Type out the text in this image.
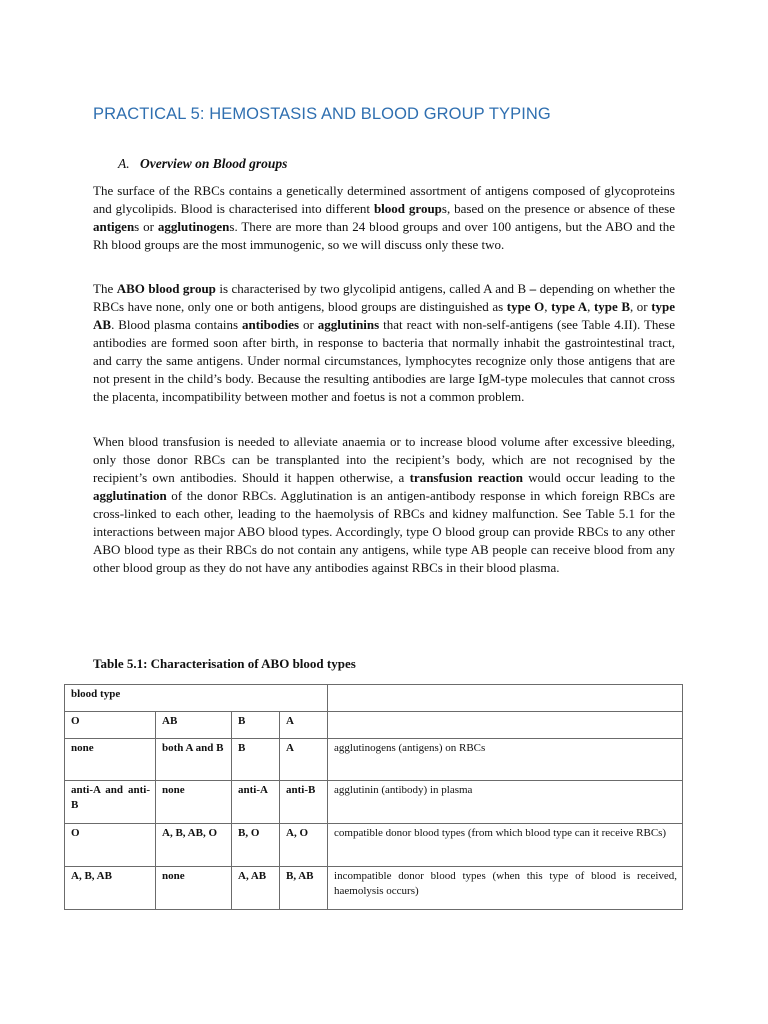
PRACTICAL 5: HEMOSTASIS AND BLOOD GROUP TYPING
A. Overview on Blood groups

The surface of the RBCs contains a genetically determined assortment of antigens composed of glycoproteins and glycolipids. Blood is characterised into different blood groups, based on the presence or absence of these antigens or agglutinogens. There are more than 24 blood groups and over 100 antigens, but the ABO and the Rh blood groups are the most immunogenic, so we will discuss only these two.

The ABO blood group is characterised by two glycolipid antigens, called A and B – depending on whether the RBCs have none, only one or both antigens, blood groups are distinguished as type O, type A, type B, or type AB. Blood plasma contains antibodies or agglutinins that react with non-self-antigens (see Table 4.II). These antibodies are formed soon after birth, in response to bacteria that normally inhabit the gastrointestinal tract, and carry the same antigens. Under normal circumstances, lymphocytes recognize only those antigens that are not present in the child’s body. Because the resulting antibodies are large IgM-type molecules that cannot cross the placenta, incompatibility between mother and foetus is not a common problem.

When blood transfusion is needed to alleviate anaemia or to increase blood volume after excessive bleeding, only those donor RBCs can be transplanted into the recipient’s body, which are not recognised by the recipient’s own antibodies. Should it happen otherwise, a transfusion reaction would occur leading to the agglutination of the donor RBCs. Agglutination is an antigen-antibody response in which foreign RBCs are cross-linked to each other, leading to the haemolysis of RBCs and kidney malfunction. See Table 5.1 for the interactions between major ABO blood types. Accordingly, type O blood group can provide RBCs to any other ABO blood type as their RBCs do not contain any antigens, while type AB people can receive blood from any other blood group as they do not have any antibodies against RBCs in their blood plasma.

Table 5.1: Characterisation of ABO blood types
blood type				
O	AB	B	A	
none	both A and B	B	A	agglutinogens (antigens) on RBCs
anti-A and anti-B	none	anti-A	anti-B	agglutinin (antibody) in plasma
O	A, B, AB, O	B, O	A, O	compatible donor blood types (from which blood type can it receive RBCs)
A, B, AB	none	A, AB	B, AB	incompatible donor blood types (when this type of blood is received, haemolysis occurs)
